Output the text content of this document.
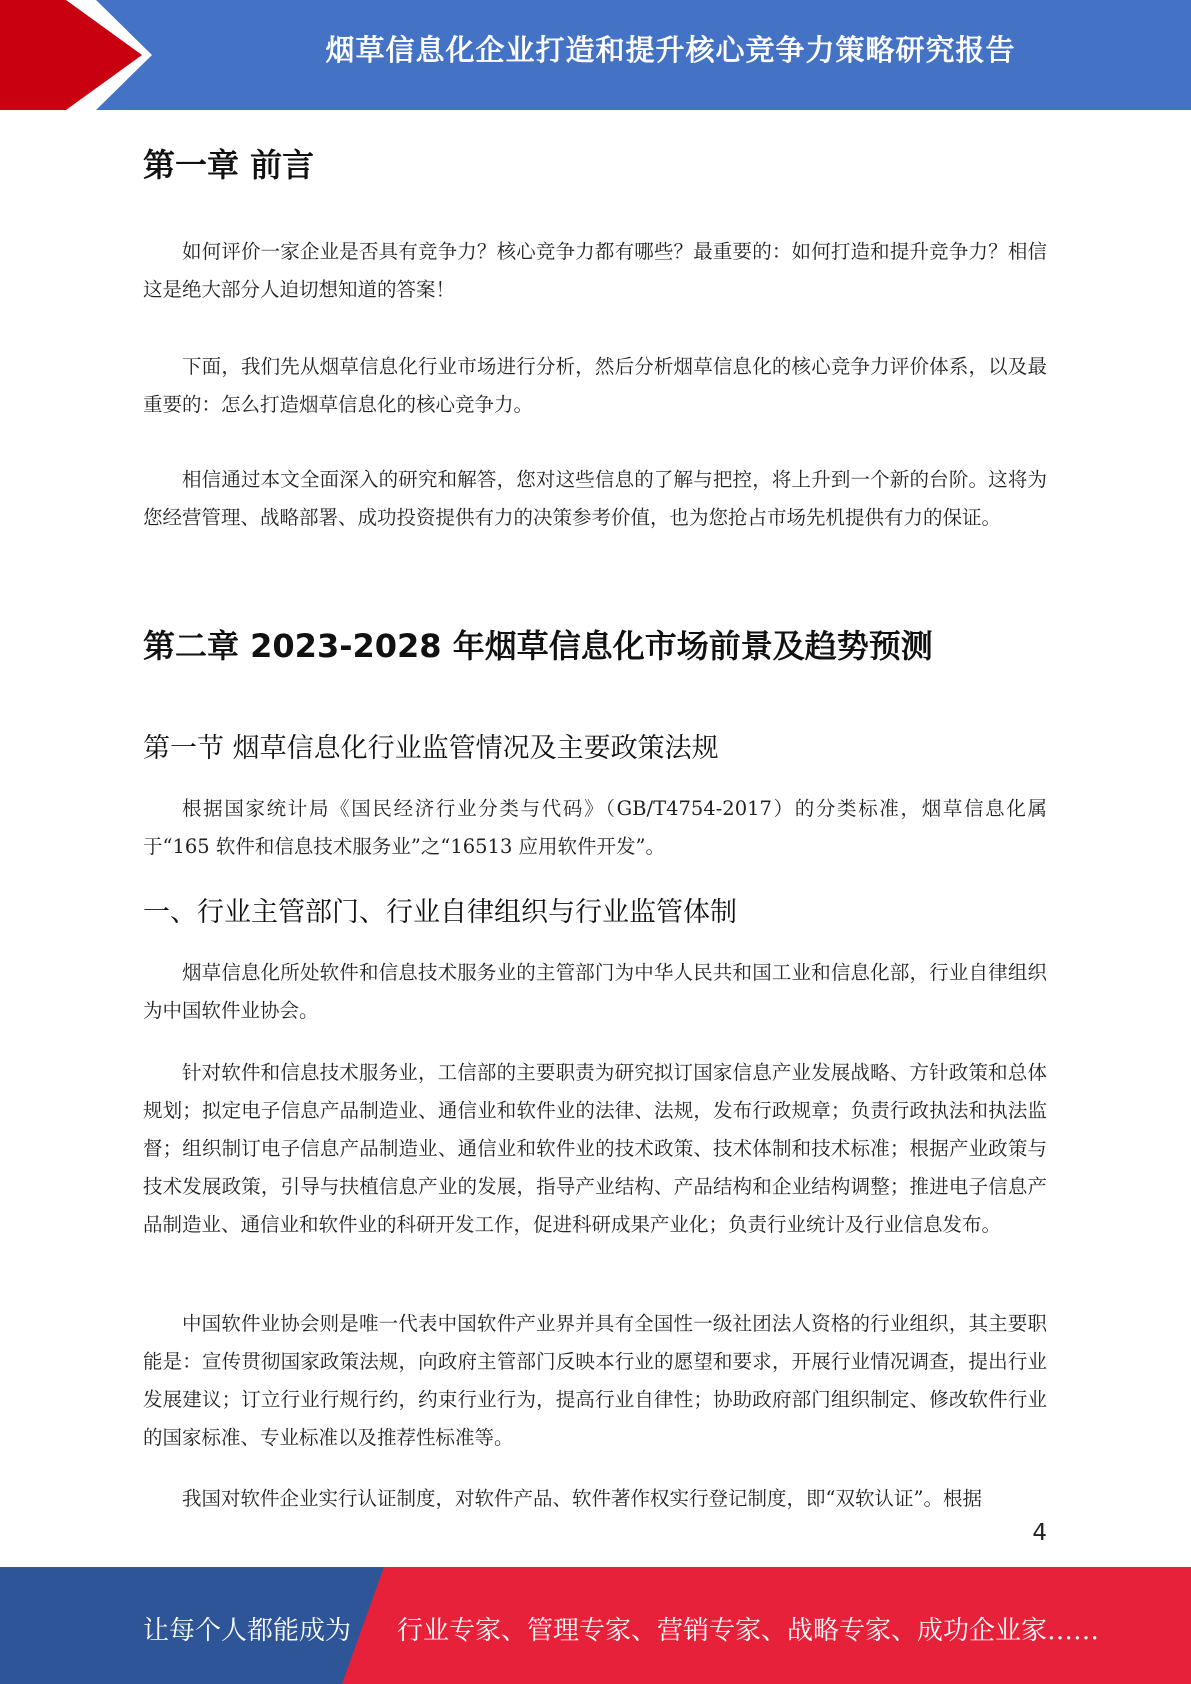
烟草信息化企业打造和提升核心竞争力策略研究报告
第一章 前言

如何评价一家企业是否具有竞争力？核心竞争力都有哪些？最重要的：如何打造和提升竞争力？相信这是绝大部分人迫切想知道的答案！

下面，我们先从烟草信息化行业市场进行分析，然后分析烟草信息化的核心竞争力评价体系，以及最重要的：怎么打造烟草信息化的核心竞争力。

相信通过本文全面深入的研究和解答，您对这些信息的了解与把控，将上升到一个新的台阶。这将为您经营管理、战略部署、成功投资提供有力的决策参考价值，也为您抢占市场先机提供有力的保证。

第二章 2023-2028 年烟草信息化市场前景及趋势预测
第一节 烟草信息化行业监管情况及主要政策法规

根据国家统计局《国民经济行业分类与代码》（GB/T4754-2017）的分类标准，烟草信息化属于“165 软件和信息技术服务业”之“16513 应用软件开发”。

一、行业主管部门、行业自律组织与行业监管体制

烟草信息化所处软件和信息技术服务业的主管部门为中华人民共和国工业和信息化部，行业自律组织为中国软件业协会。

针对软件和信息技术服务业，工信部的主要职责为研究拟订国家信息产业发展战略、方针政策和总体规划；拟定电子信息产品制造业、通信业和软件业的法律、法规，发布行政规章；负责行政执法和执法监督；组织制订电子信息产品制造业、通信业和软件业的技术政策、技术体制和技术标准；根据产业政策与技术发展政策，引导与扶植信息产业的发展，指导产业结构、产品结构和企业结构调整；推进电子信息产品制造业、通信业和软件业的科研开发工作，促进科研成果产业化；负责行业统计及行业信息发布。

中国软件业协会则是唯一代表中国软件产业界并具有全国性一级社团法人资格的行业组织，其主要职能是：宣传贯彻国家政策法规，向政府主管部门反映本行业的愿望和要求，开展行业情况调查，提出行业发展建议；订立行业行规行约，约束行业行为，提高行业自律性；协助政府部门组织制定、修改软件行业的国家标准、专业标准以及推荐性标准等。

我国对软件企业实行认证制度，对软件产品、软件著作权实行登记制度，即“双软认证”。根据

4
让每个人都能成为 行业专家、管理专家、营销专家、战略专家、成功企业家……
